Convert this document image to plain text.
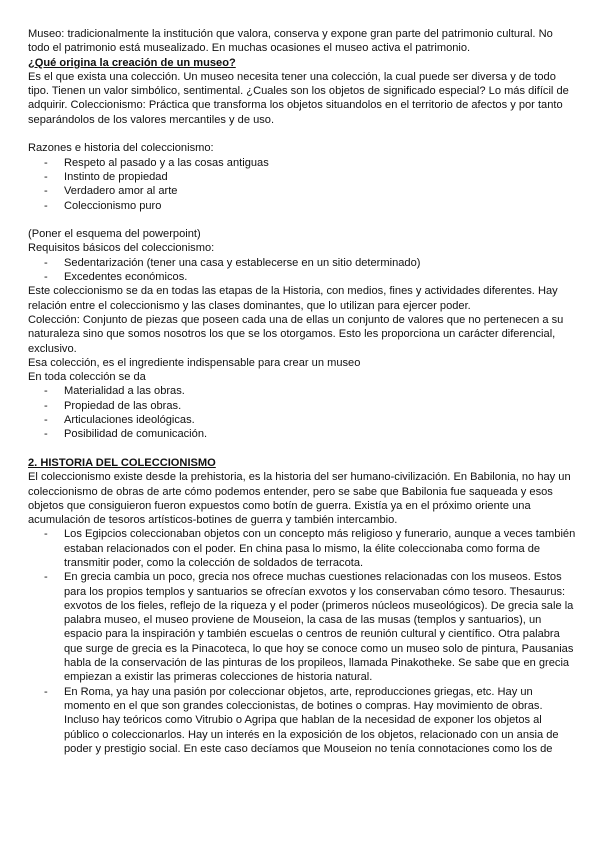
Museo: tradicionalmente la institución que valora, conserva y expone gran parte del patrimonio cultural. No todo el patrimonio está musealizado. En muchas ocasiones el museo activa el patrimonio.

¿Qué origina la creación de un museo?

Es el que exista una colección. Un museo necesita tener una colección, la cual puede ser diversa y de todo tipo. Tienen un valor simbólico, sentimental. ¿Cuales son los objetos de significado especial? Lo más difícil de adquirir. Coleccionismo: Práctica que transforma los objetos situandolos en el territorio de afectos y por tanto separándolos de los valores mercantiles y de uso.

Razones e historia del coleccionismo:

- Respeto al pasado y a las cosas antiguas
- Instinto de propiedad
- Verdadero amor al arte
- Coleccionismo puro

(Poner el esquema del powerpoint)

Requisitos básicos del coleccionismo:

- Sedentarización (tener una casa y establecerse en un sitio determinado)
- Excedentes económicos.

Este coleccionismo se da en todas las etapas de la Historia, con medios, fines y actividades diferentes. Hay relación entre el coleccionismo y las clases dominantes, que lo utilizan para ejercer poder.

Colección: Conjunto de piezas que poseen cada una de ellas un conjunto de valores que no pertenecen a su naturaleza sino que somos nosotros los que se los otorgamos. Esto les proporciona un carácter diferencial, exclusivo.

Esa colección, es el ingrediente indispensable para crear un museo

En toda colección se da

- Materialidad a las obras.
- Propiedad de las obras.
- Articulaciones ideológicas.
- Posibilidad de comunicación.

2. HISTORIA DEL COLECCIONISMO

El coleccionismo existe desde la prehistoria, es la historia del ser humano-civilización. En Babilonia, no hay un coleccionismo de obras de arte cómo podemos entender, pero se sabe que Babilonia fue saqueada y esos objetos que consiguieron fueron expuestos como botín de guerra. Existía ya en el próximo oriente una acumulación de tesoros artísticos-botines de guerra y también intercambio.

- Los Egipcios coleccionaban objetos con un concepto más religioso y funerario, aunque a veces también estaban relacionados con el poder. En china pasa lo mismo, la élite coleccionaba como forma de transmitir poder, como la colección de soldados de terracota.
- En grecia cambia un poco, grecia nos ofrece muchas cuestiones relacionadas con los museos. Estos para los propios templos y santuarios se ofrecían exvotos y los conservaban cómo tesoro. Thesaurus: exvotos de los fieles, reflejo de la riqueza y el poder (primeros núcleos museológicos). De grecia sale la palabra museo, el museo proviene de Mouseion, la casa de las musas (templos y santuarios), un espacio para la inspiración y también escuelas o centros de reunión cultural y científico. Otra palabra que surge de grecia es la Pinacoteca, lo que hoy se conoce como un museo solo de pintura, Pausanias habla de la conservación de las pinturas de los propileos, llamada Pinakotheke. Se sabe que en grecia empiezan a existir las primeras colecciones de historia natural.
- En Roma, ya hay una pasión por coleccionar objetos, arte, reproducciones griegas, etc. Hay un momento en el que son grandes coleccionistas, de botines o compras. Hay movimiento de obras. Incluso hay teóricos como Vitrubio o Agripa que hablan de la necesidad de exponer los objetos al público o coleccionarlos. Hay un interés en la exposición de los objetos, relacionado con un ansia de poder y prestigio social. En este caso decíamos que Mouseion no tenía connotaciones como los de
